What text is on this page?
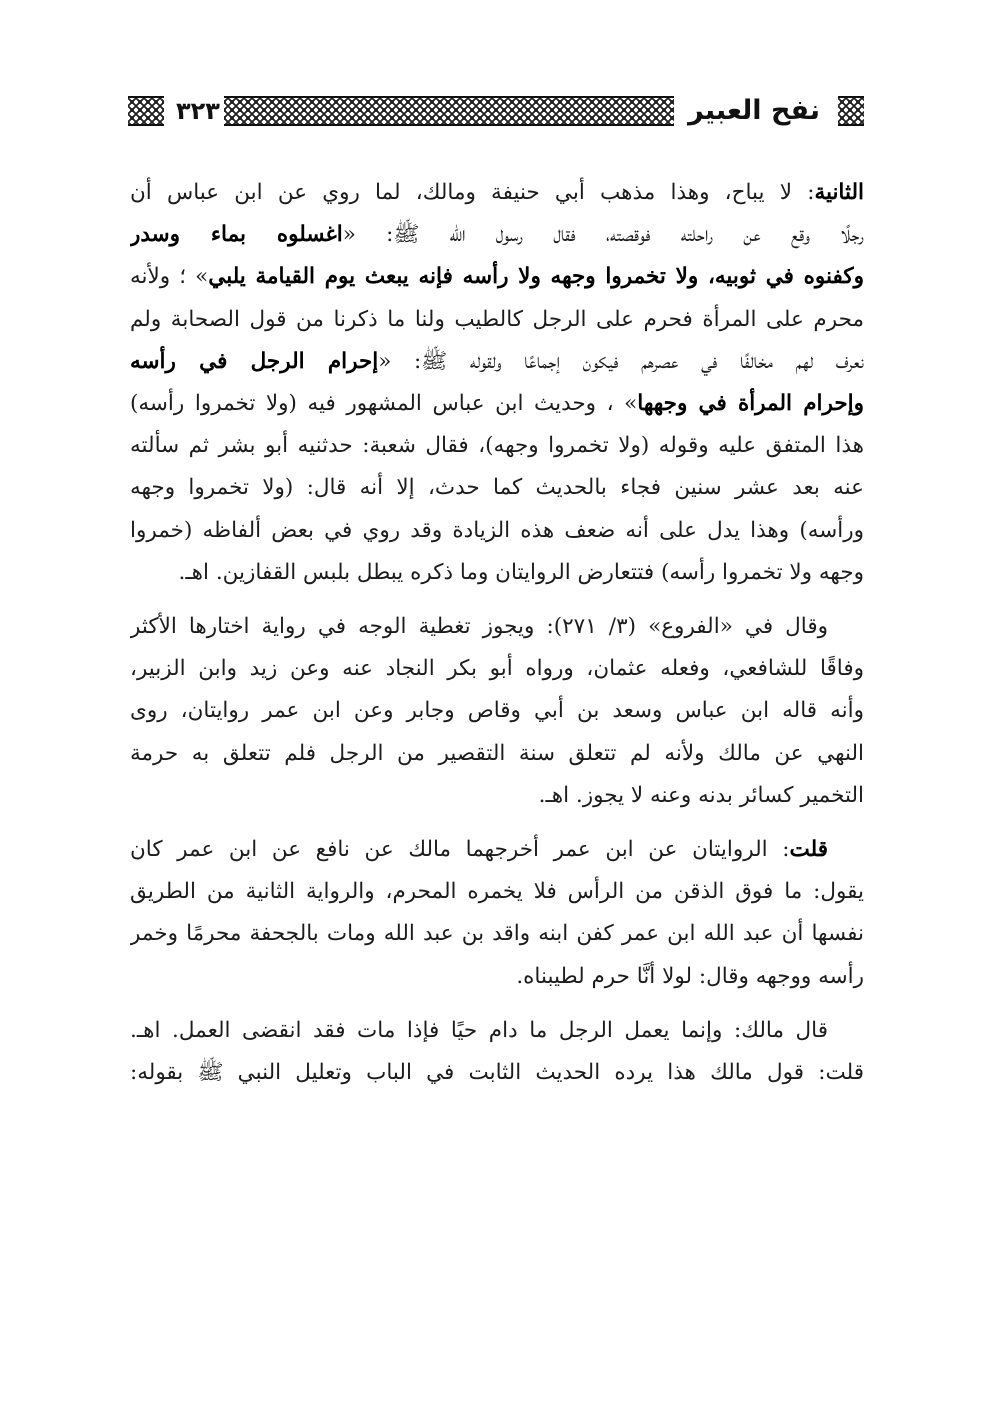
نفح العبير
٣٢٣
الثانية: لا يباح، وهذا مذهب أبي حنيفة ومالك، لما روي عن ابن عباس أن
رجلًا وقع عن راحلته فوقصته، فقال رسول الله ﷺ: «اغسلوه بماء وسدر
وكفنوه في ثوبيه، ولا تخمروا وجهه ولا رأسه فإنه يبعث يوم القيامة يلبي» ؛ ولأنه
محرم على المرأة فحرم على الرجل كالطيب ولنا ما ذكرنا من قول الصحابة ولم
نعرف لهم مخالفًا في عصرهم فيكون إجماعًا ولقوله ﷺ: «إحرام الرجل في رأسه
وإحرام المرأة في وجهها» ، وحديث ابن عباس المشهور فيه (ولا تخمروا رأسه)
هذا المتفق عليه وقوله (ولا تخمروا وجهه)، فقال شعبة: حدثنيه أبو بشر ثم سألته
عنه بعد عشر سنين فجاء بالحديث كما حدث، إلا أنه قال: (ولا تخمروا وجهه
ورأسه) وهذا يدل على أنه ضعف هذه الزيادة وقد روي في بعض ألفاظه (خمروا
وجهه ولا تخمروا رأسه) فتتعارض الروايتان وما ذكره يبطل بلبس القفازين. اهـ.
وقال في «الفروع» (٣/ ٢٧١): ويجوز تغطية الوجه في رواية اختارها الأكثر
وفاقًا للشافعي، وفعله عثمان، ورواه أبو بكر النجاد عنه وعن زيد وابن الزبير،
وأنه قاله ابن عباس وسعد بن أبي وقاص وجابر وعن ابن عمر روايتان، روى
النهي عن مالك ولأنه لم تتعلق سنة التقصير من الرجل فلم تتعلق به حرمة
التخمير كسائر بدنه وعنه لا يجوز. اهـ.
قلت: الروايتان عن ابن عمر أخرجهما مالك عن نافع عن ابن عمر كان
يقول: ما فوق الذقن من الرأس فلا يخمره المحرم، والرواية الثانية من الطريق
نفسها أن عبد الله ابن عمر كفن ابنه واقد بن عبد الله ومات بالجحفة محرمًا وخمر
رأسه ووجهه وقال: لولا أنَّا حرم لطيبناه.
قال مالك: وإنما يعمل الرجل ما دام حيًا فإذا مات فقد انقضى العمل. اهـ.
قلت: قول مالك هذا يرده الحديث الثابت في الباب وتعليل النبي ﷺ بقوله:
